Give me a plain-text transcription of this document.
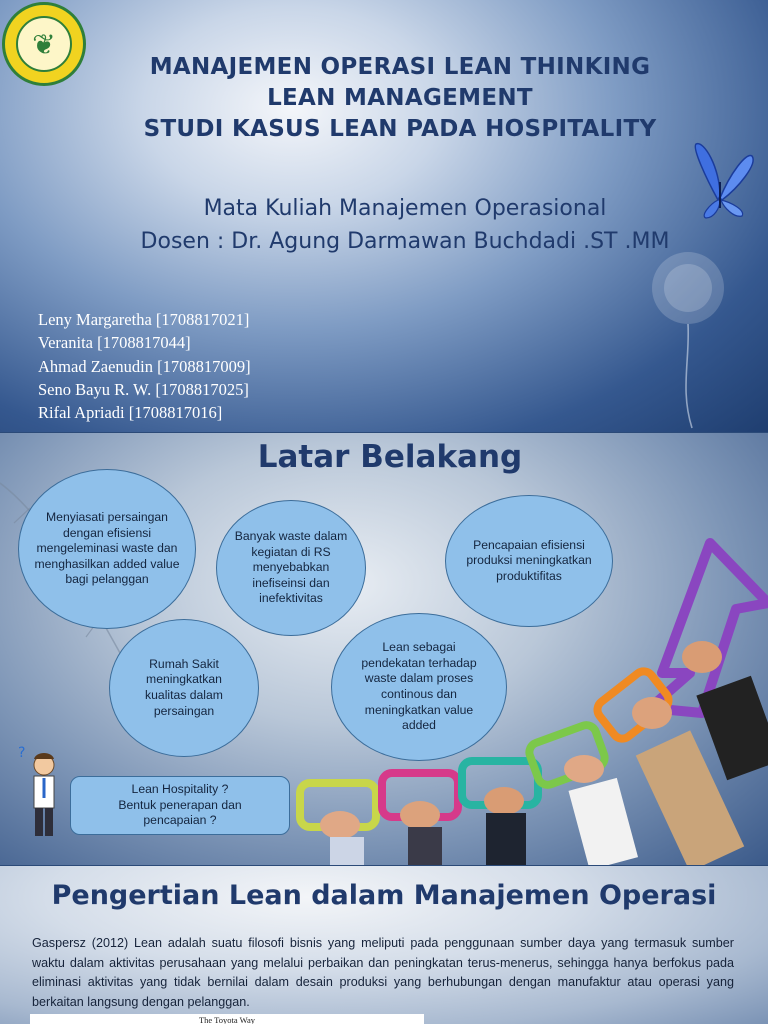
❦
MANAJEMEN OPERASI LEAN THINKING
LEAN MANAGEMENT
STUDI KASUS LEAN PADA HOSPITALITY
Mata Kuliah Manajemen Operasional
Dosen : Dr. Agung Darmawan Buchdadi .ST .MM
Leny Margaretha [1708817021]
Veranita [1708817044]
Ahmad Zaenudin [1708817009]
Seno Bayu R. W. [1708817025]
Rifal Apriadi [1708817016]
Latar Belakang
Menyiasati persaingan dengan efisiensi mengeleminasi waste dan menghasilkan added value bagi pelanggan
Banyak waste dalam kegiatan di RS menyebabkan inefiseinsi dan inefektivitas
Pencapaian efisiensi produksi meningkatkan produktifitas
Rumah Sakit meningkatkan kualitas dalam persaingan
Lean sebagai pendekatan terhadap waste dalam proses continous dan meningkatkan value added
?
Lean Hospitality ?
Bentuk penerapan dan
pencapaian ?
Pengertian Lean dalam Manajemen Operasi
Gaspersz (2012) Lean adalah suatu filosofi bisnis yang meliputi pada penggunaan sumber daya yang termasuk sumber waktu dalam aktivitas perusahaan yang melalui perbaikan dan peningkatan terus-menerus, sehingga hanya berfokus pada eliminasi aktivitas yang tidak bernilai dalam desain produksi yang berhubungan dengan manufaktur atau operasi yang berkaitan langsung dengan pelanggan.
The Toyota Way
